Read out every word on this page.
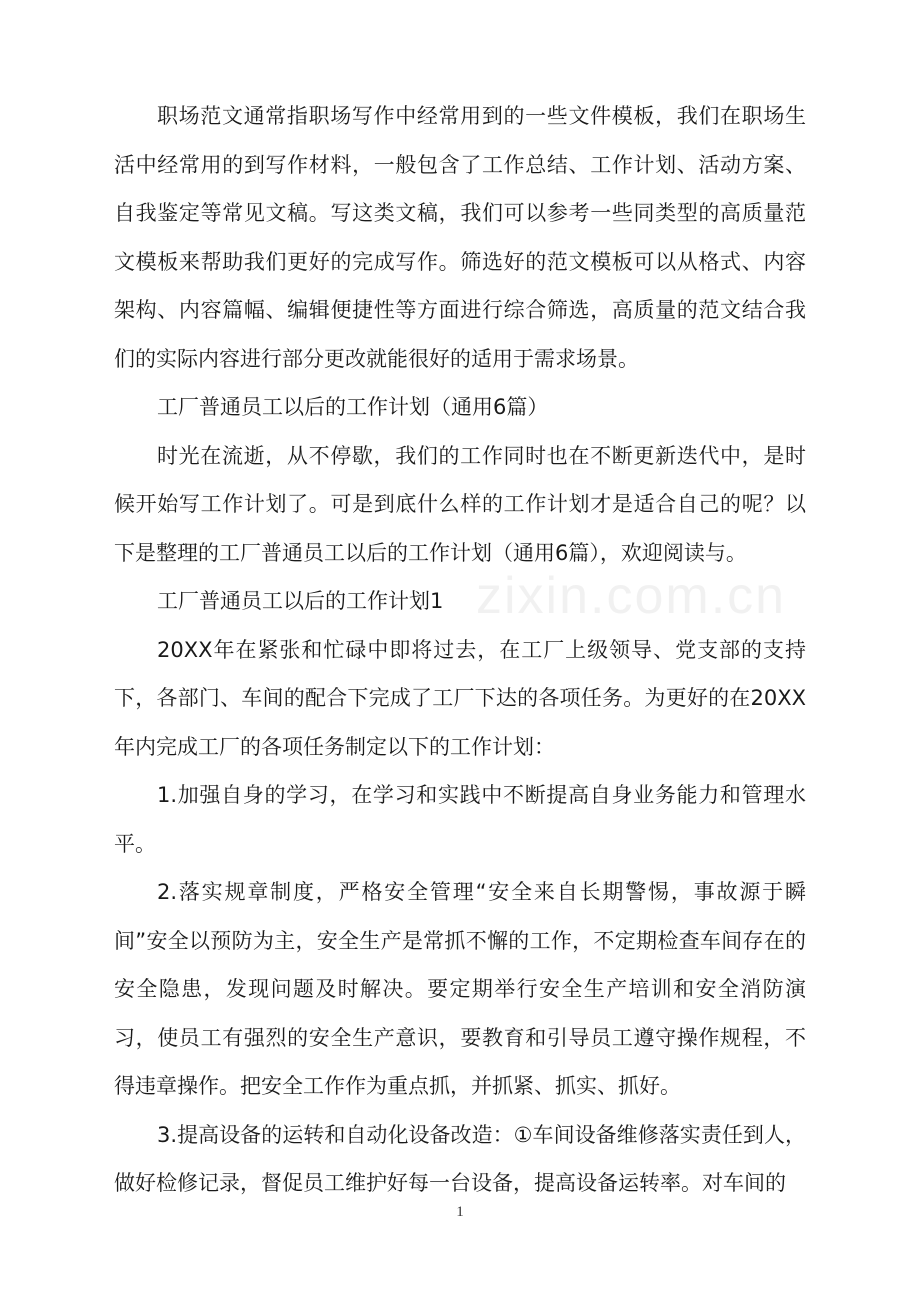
zixin.com.cn

职场范文通常指职场写作中经常用到的一些文件模板，我们在职场生活中经常用的到写作材料，一般包含了工作总结、工作计划、活动方案、自我鉴定等常见文稿。写这类文稿，我们可以参考一些同类型的高质量范文模板来帮助我们更好的完成写作。筛选好的范文模板可以从格式、内容架构、内容篇幅、编辑便捷性等方面进行综合筛选，高质量的范文结合我们的实际内容进行部分更改就能很好的适用于需求场景。

工厂普通员工以后的工作计划（通用6篇）

时光在流逝，从不停歇，我们的工作同时也在不断更新迭代中，是时候开始写工作计划了。可是到底什么样的工作计划才是适合自己的呢？以下是整理的工厂普通员工以后的工作计划（通用6篇），欢迎阅读与。

工厂普通员工以后的工作计划1

20XX年在紧张和忙碌中即将过去，在工厂上级领导、党支部的支持下，各部门、车间的配合下完成了工厂下达的各项任务。为更好的在20XX年内完成工厂的各项任务制定以下的工作计划：

1.加强自身的学习，在学习和实践中不断提高自身业务能力和管理水平。

2.落实规章制度，严格安全管理“安全来自长期警惕，事故源于瞬间”安全以预防为主，安全生产是常抓不懈的工作，不定期检查车间存在的安全隐患，发现问题及时解决。要定期举行安全生产培训和安全消防演习，使员工有强烈的安全生产意识，要教育和引导员工遵守操作规程，不得违章操作。把安全工作作为重点抓，并抓紧、抓实、抓好。

3.提高设备的运转和自动化设备改造：①车间设备维修落实责任到人，做好检修记录，督促员工维护好每一台设备，提高设备运转率。对车间的

1
